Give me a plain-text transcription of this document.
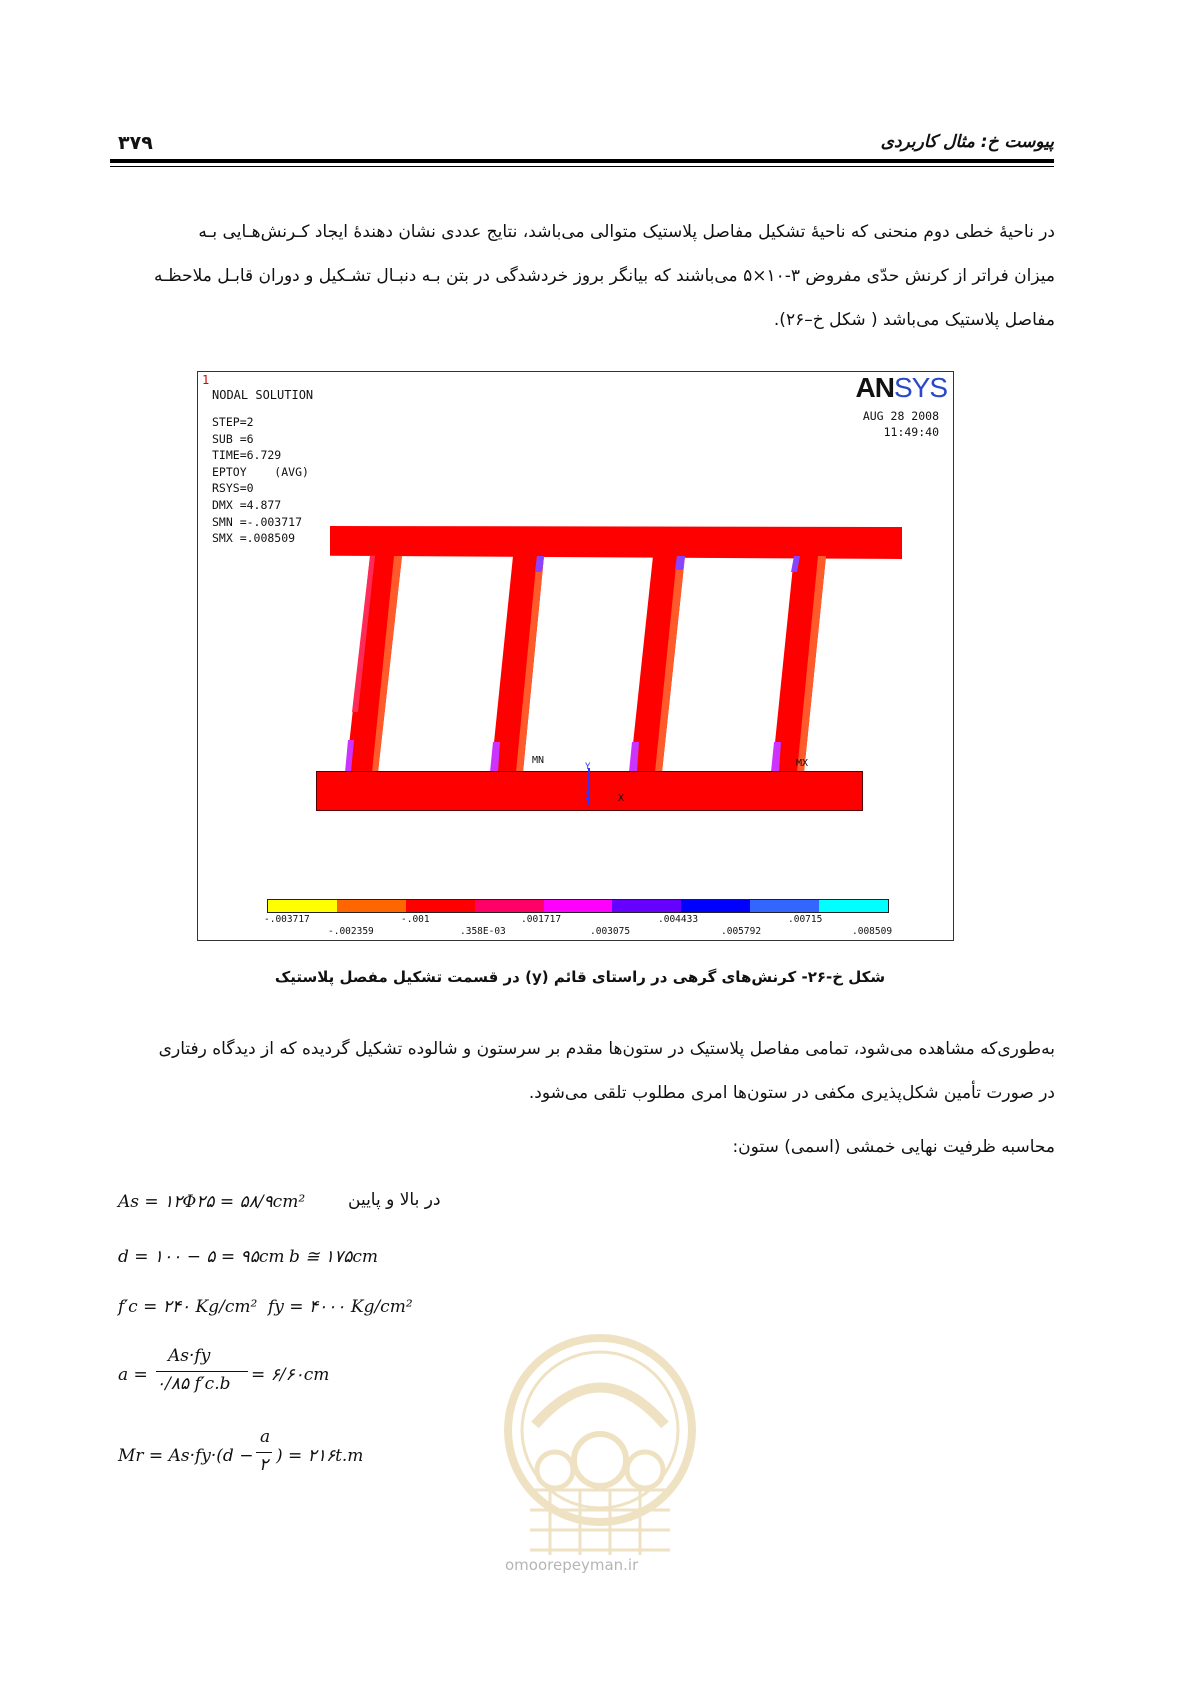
۳۷۹	پیوست خ: مثال کاربردی
در ناحیهٔ خطی دوم منحنی که ناحیهٔ تشکیل مفاصل پلاستیک متوالی می‌باشد، نتایج عددی نشان دهندهٔ ایجاد کـرنش‌هـایی بـه
میزان فراتر از کرنش حدّی مفروض ۳-۱۰×۵ می‌باشند که بیانگر بروز خردشدگی در بتن بـه دنبـال تشـکیل و دوران قابـل ملاحظـه
مفاصل پلاستیک می‌باشد ( شکل خ–۲۶).
1
NODAL SOLUTION
STEP=2
SUB =6
TIME=6.729
EPTOY    (AVG)
RSYS=0
DMX =4.877
SMN =-.003717
SMX =.008509
ANSYS
AUG 28 2008
11:49:40
MN	MX
Y
Z	X
-.003717	-.001	.001717	.004433	.00715
-.002359	.358E-03	.003075	.005792	.008509
شکل خ-۲۶- کرنش‌های گرهی در راستای قائم (y) در قسمت تشکیل مفصل پلاستیک
به‌طوری‌که مشاهده می‌شود، تمامی مفاصل پلاستیک در ستون‌ها مقدم بر سرستون و شالوده تشکیل گردیده که از دیدگاه رفتاری
در صورت تأمین شکل‌پذیری مکفی در ستون‌ها امری مطلوب تلقی می‌شود.
محاسبه ظرفیت نهایی خمشی (اسمی) ستون:
As = ۱۲Φ۲۵ = ۵۸/۹cm²	در بالا و پایین
d = ۱۰۰ − ۵ = ۹۵cm b ≅ ۱۷۵cm
f′c = ۲۴۰ Kg/cm² fy = ۴۰۰۰ Kg/cm²
a =
As·fy
۰/۸۵ f′c.b = ۶/۶۰cm
Mr = As·fy·(d −
a
۲ ) = ۲۱۶t.m
omoorepeyman.ir
